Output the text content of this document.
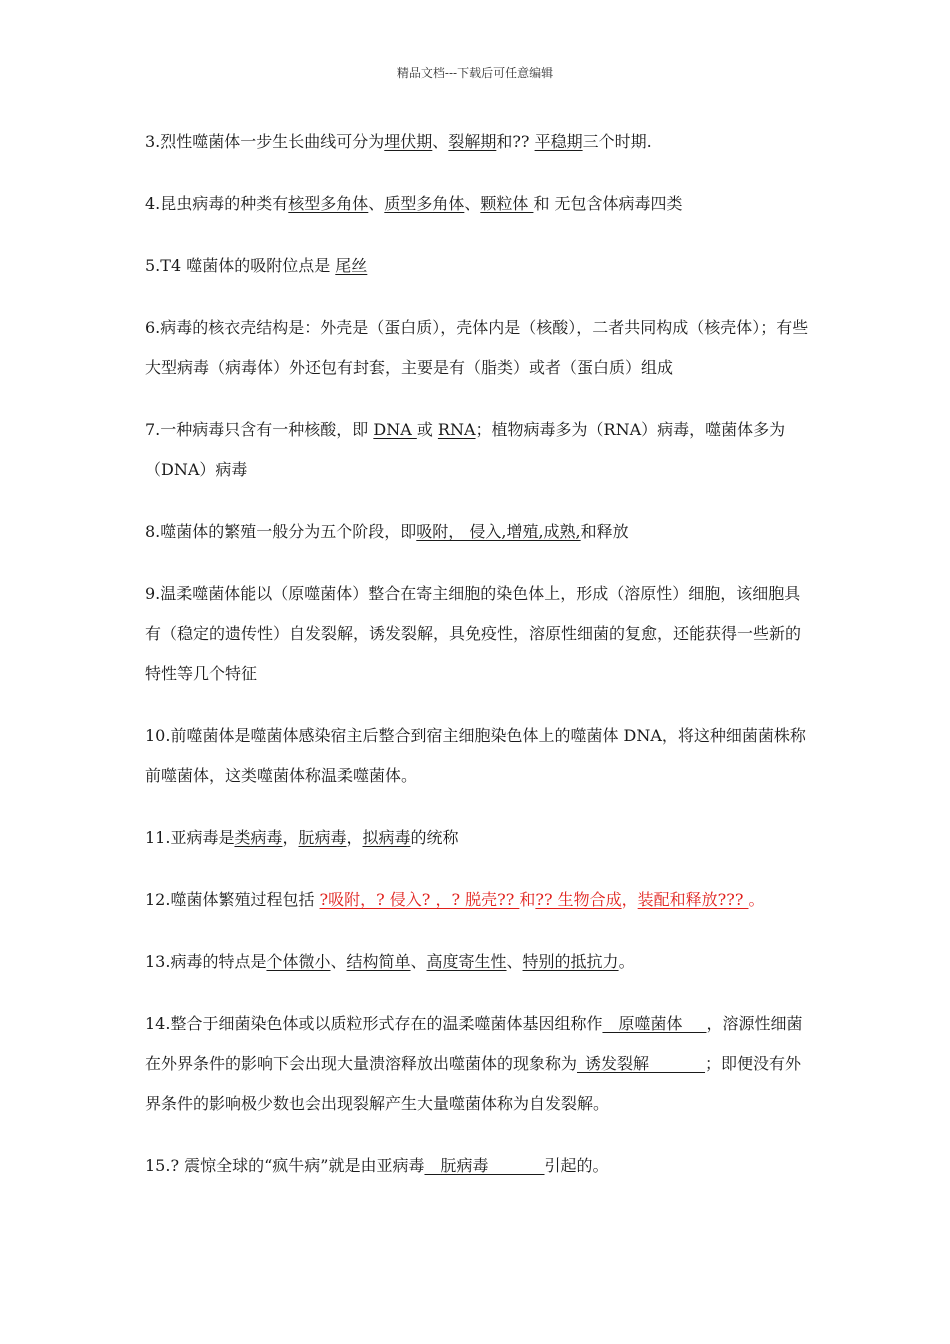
精品文档---下载后可任意编辑
3.烈性噬菌体一步生长曲线可分为埋伏期、裂解期和?? 平稳期三个时期.
4.昆虫病毒的种类有核型多角体、质型多角体、颗粒体 和 无包含体病毒四类
5.T4 噬菌体的吸附位点是 尾丝
6.病毒的核衣壳结构是：外壳是（蛋白质），壳体内是（核酸），二者共同构成（核壳体）；有些大型病毒（病毒体）外还包有封套，主要是有（脂类）或者（蛋白质）组成
7.一种病毒只含有一种核酸，即 DNA 或 RNA；植物病毒多为（RNA）病毒，噬菌体多为（DNA）病毒
8.噬菌体的繁殖一般分为五个阶段，即吸附， 侵入,增殖,成熟,和释放
9.温柔噬菌体能以（原噬菌体）整合在寄主细胞的染色体上，形成（溶原性）细胞，该细胞具有（稳定的遗传性）自发裂解，诱发裂解，具免疫性，溶原性细菌的复愈，还能获得一些新的特性等几个特征
10.前噬菌体是噬菌体感染宿主后整合到宿主细胞染色体上的噬菌体 DNA，将这种细菌菌株称前噬菌体，这类噬菌体称温柔噬菌体。
11.亚病毒是类病毒，朊病毒，拟病毒的统称
12.噬菌体繁殖过程包括 ?吸附，? 侵入? ，? 脱壳?? 和?? 生物合成，装配和释放??? 。
13.病毒的特点是个体微小、结构简单、高度寄生性、特别的抵抗力。
14.整合于细菌染色体或以质粒形式存在的温柔噬菌体基因组称作__原噬菌体___，溶源性细菌在外界条件的影响下会出现大量溃溶释放出噬菌体的现象称为_诱发裂解_______；即便没有外界条件的影响极少数也会出现裂解产生大量噬菌体称为自发裂解。
15.? 震惊全球的“疯牛病”就是由亚病毒__朊病毒_______引起的。
